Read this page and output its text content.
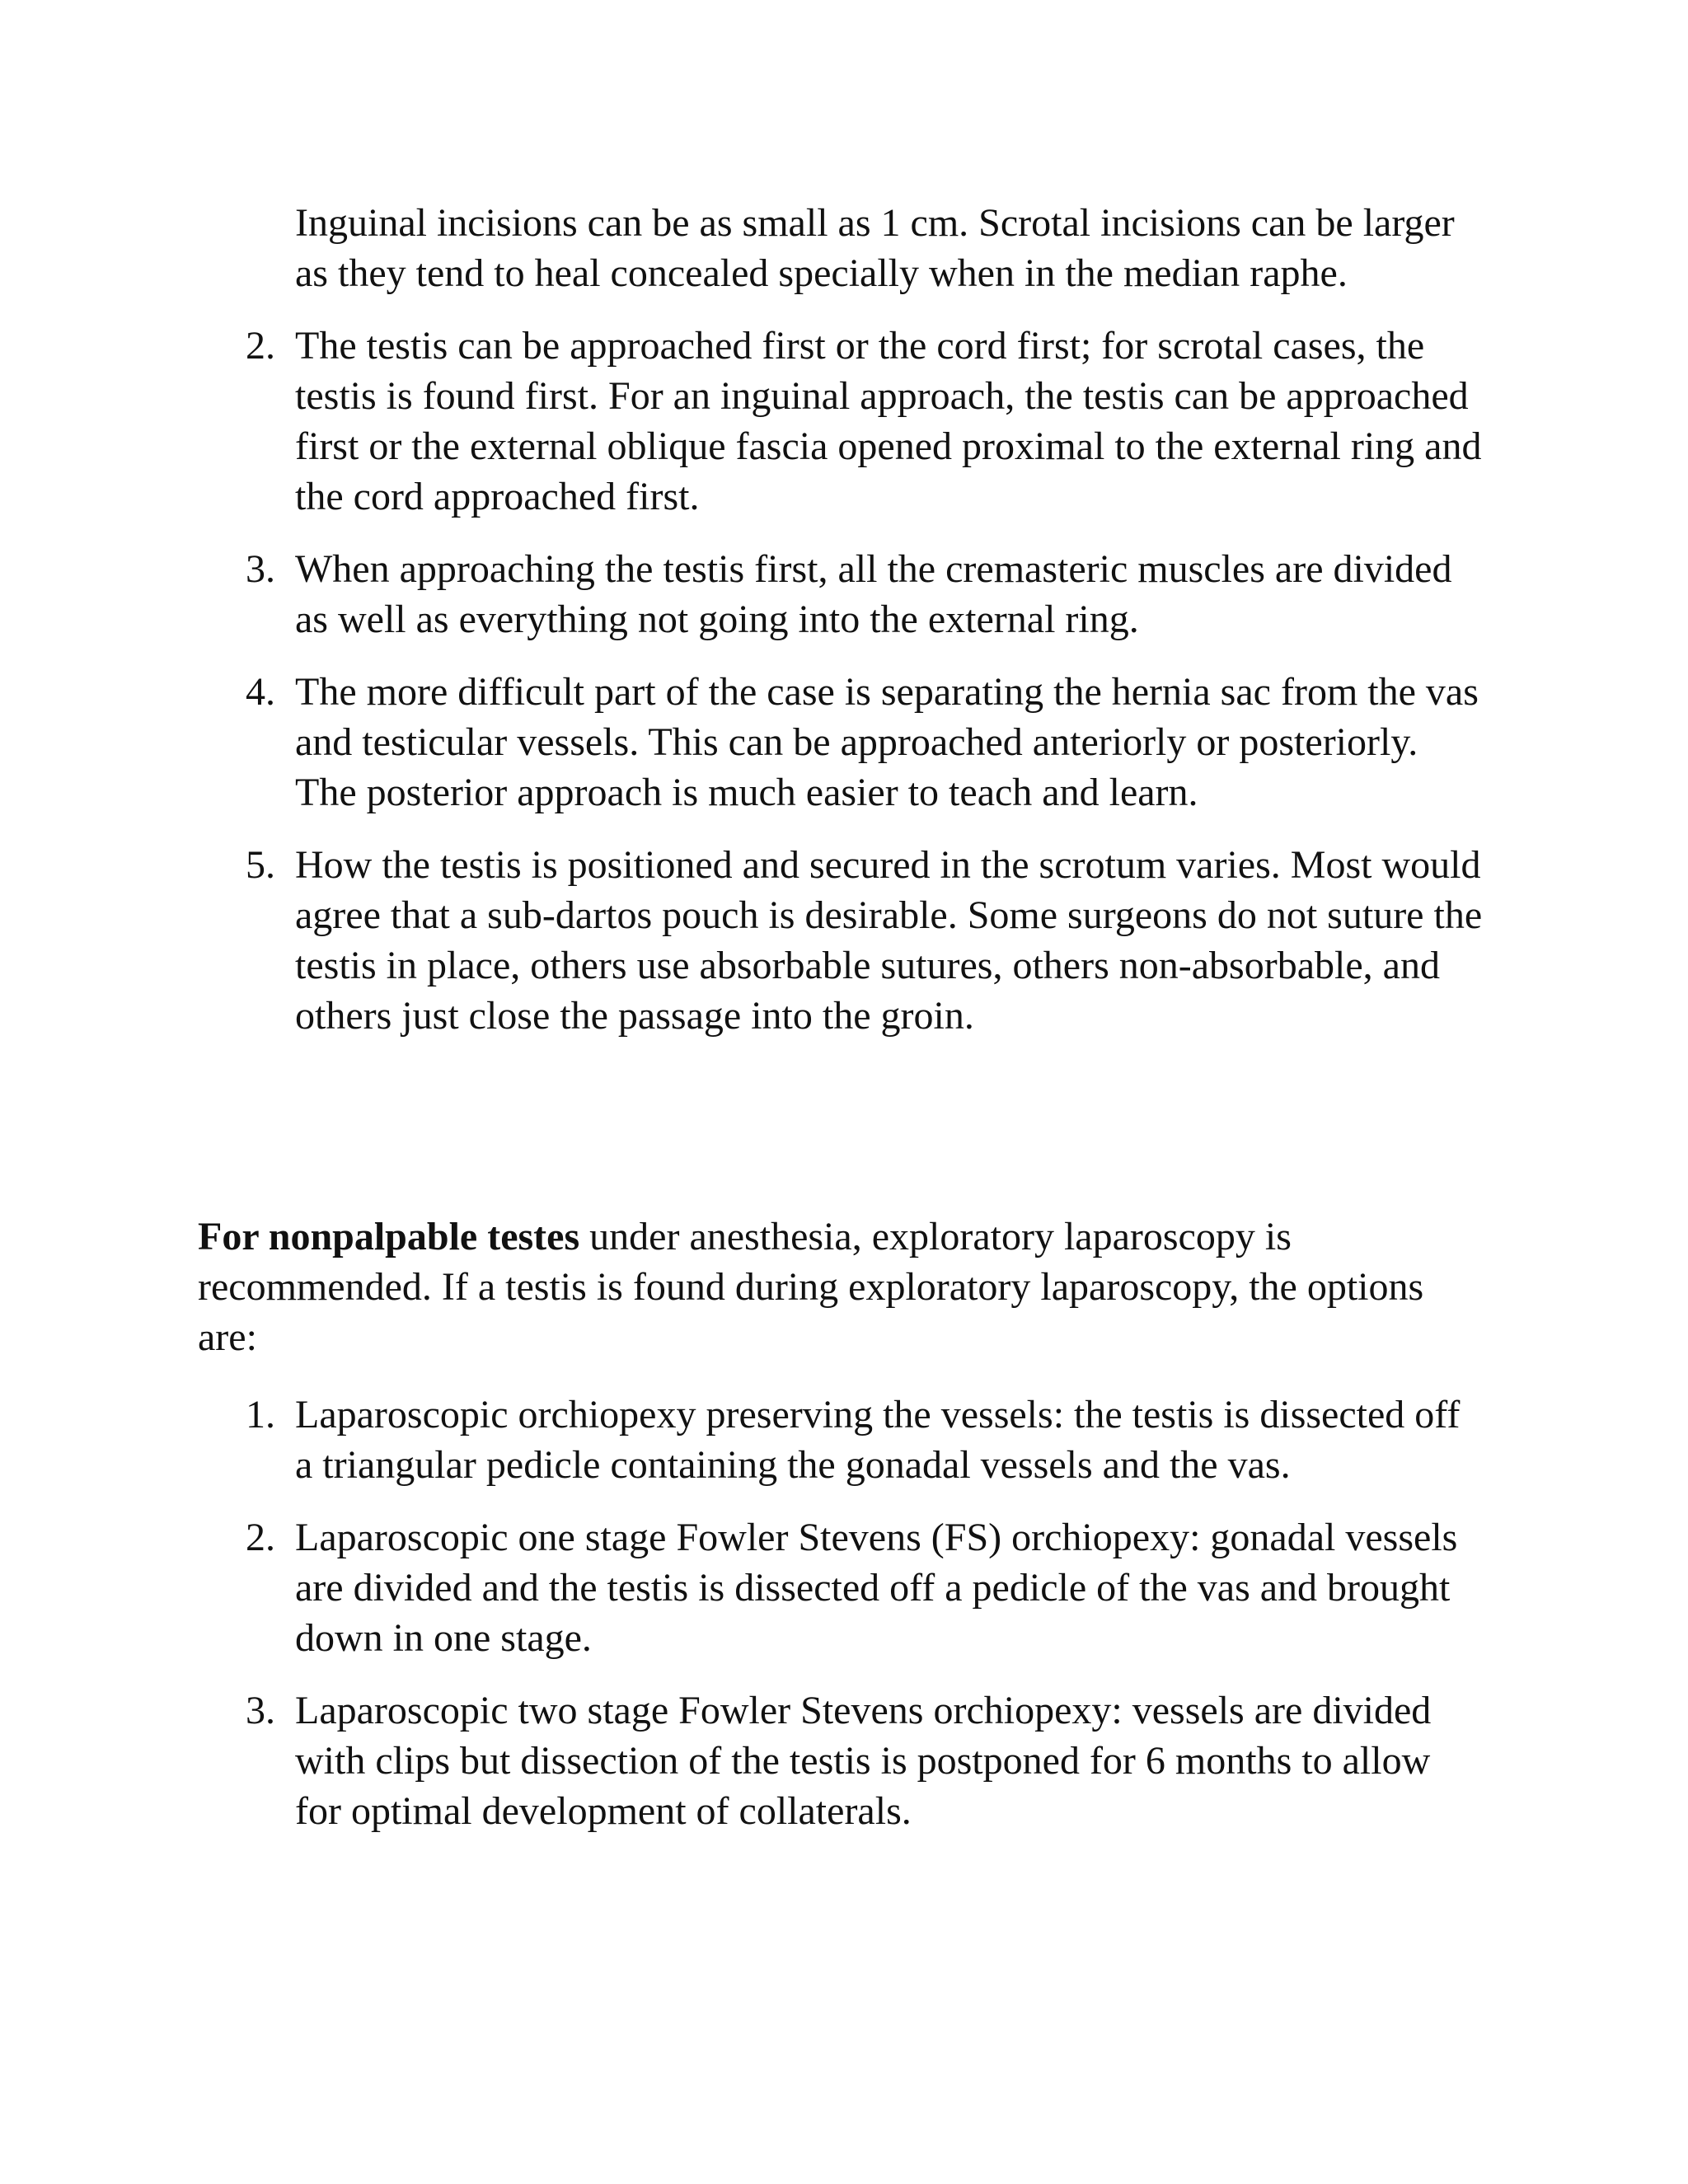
Inguinal incisions can be as small as 1 cm. Scrotal incisions can be larger as they tend to heal concealed specially when in the median raphe.

2. The testis can be approached first or the cord first; for scrotal cases, the testis is found first. For an inguinal approach, the testis can be approached first or the external oblique fascia opened proximal to the external ring and the cord approached first.

3. When approaching the testis first, all the cremasteric muscles are divided as well as everything not going into the external ring.

4. The more difficult part of the case is separating the hernia sac from the vas and testicular vessels. This can be approached anteriorly or posteriorly. The posterior approach is much easier to teach and learn.

5. How the testis is positioned and secured in the scrotum varies. Most would agree that a sub-dartos pouch is desirable. Some surgeons do not suture the testis in place, others use absorbable sutures, others non-absorbable, and others just close the passage into the groin.

For nonpalpable testes under anesthesia, exploratory laparoscopy is recommended. If a testis is found during exploratory laparoscopy, the options are:

1. Laparoscopic orchiopexy preserving the vessels: the testis is dissected off a triangular pedicle containing the gonadal vessels and the vas.

2. Laparoscopic one stage Fowler Stevens (FS) orchiopexy: gonadal vessels are divided and the testis is dissected off a pedicle of the vas and brought down in one stage.

3. Laparoscopic two stage Fowler Stevens orchiopexy: vessels are divided with clips but dissection of the testis is postponed for 6 months to allow for optimal development of collaterals.
